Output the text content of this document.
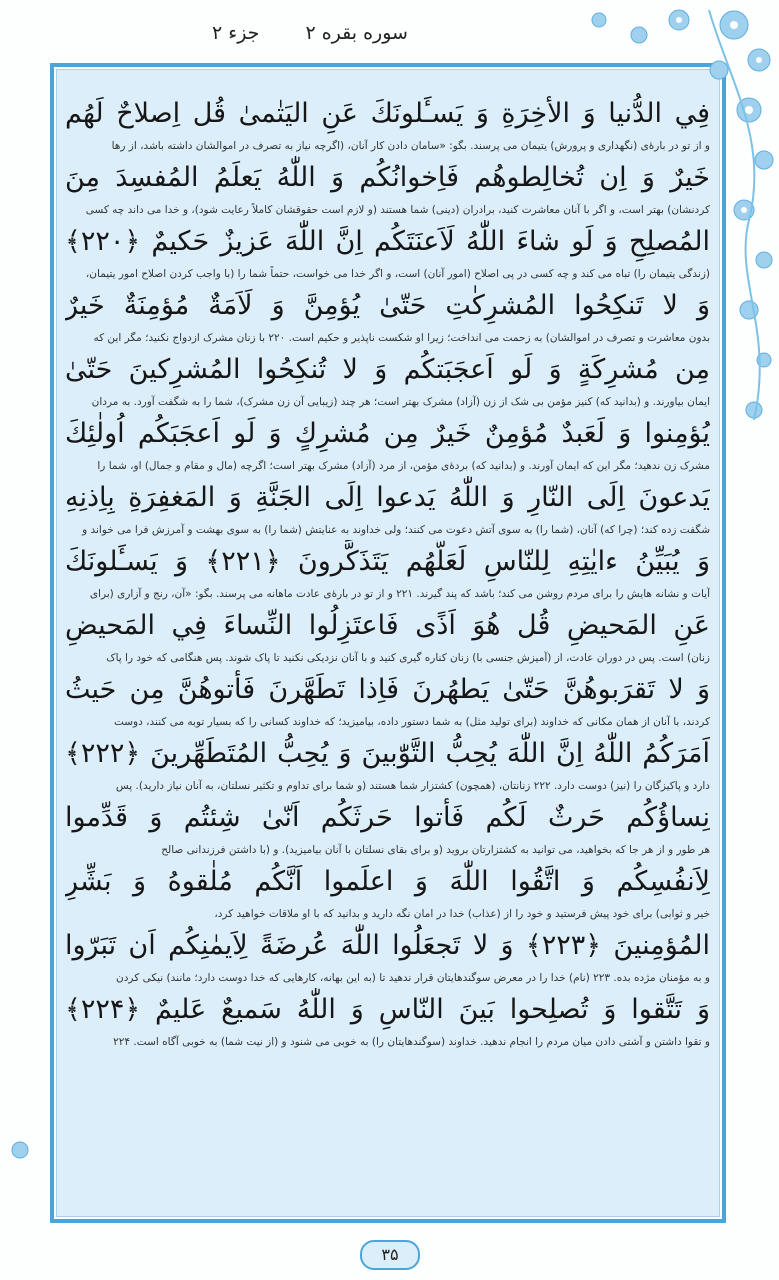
سوره بقره ۲ جزء ۲
فِي الدُّنيا وَ الأخِرَةِ وَ يَسـَٔلونَكَ عَنِ اليَتٰمىٰ قُل اِصلاحٌ لَهُم
و از تو در بارۀی (نگهداری و پرورش) یتیمان می پرسند. بگو: «سامان دادن کار آنان، (اگرچه نیاز به تصرف در اموالشان داشته باشد، از رها
خَيرٌ وَ اِن تُخالِطوهُم فَاِخوانُكُم وَ اللّٰهُ يَعلَمُ المُفسِدَ مِنَ
کردنشان) بهتر است، و اگر با آنان معاشرت کنید، برادران (دینی) شما هستند (و لازم است حقوقشان کاملاً رعایت شود)، و خدا می داند چه کسی
المُصلِحِ وَ لَو شاءَ اللّٰهُ لَاَعنَتَكُم اِنَّ اللّٰهَ عَزيزٌ حَكيمٌ ﴿۲۲۰﴾
(زندگی یتیمان را) تباه می کند و چه کسی در پی اصلاح (امور آنان) است، و اگر خدا می خواست، حتماً شما را (با واجب کردن اصلاح امور یتیمان،
وَ لا تَنكِحُوا المُشرِكٰتِ حَتّىٰ يُؤمِنَّ وَ لَاَمَةٌ مُؤمِنَةٌ خَيرٌ
بدون معاشرت و تصرف در اموالشان) به زحمت می انداخت؛ زیرا او شکست ناپذیر و حکیم است. ۲۲۰ با زنان مشرک ازدواج نکنید؛ مگر این که
مِن مُشرِكَةٍ وَ لَو اَعجَبَتكُم وَ لا تُنكِحُوا المُشرِكينَ حَتّىٰ
ایمان بیاورند. و (بدانید که) کنیز مؤمن بی شک از زن (آزاد) مشرک بهتر است؛ هر چند (زیبایی آن زن مشرک)، شما را به شگفت آورد. به مردان
يُؤمِنوا وَ لَعَبدٌ مُؤمِنٌ خَيرٌ مِن مُشرِكٍ وَ لَو اَعجَبَكُم اُولٰئِكَ
مشرک زن ندهید؛ مگر این که ایمان آورند. و (بدانید که) بردۀی مؤمن، از مرد (آزاد) مشرک بهتر است؛ اگرچه (مال و مقام و جمال) او، شما را
يَدعونَ اِلَى النّارِ وَ اللّٰهُ يَدعوا اِلَى الجَنَّةِ وَ المَغفِرَةِ بِاِذنِهِ
شگفت زده کند؛ (چرا که) آنان، (شما را) به سوی آتش دعوت می کنند؛ ولی خداوند به عنایتش (شما را) به سوی بهشت و آمرزش فرا می خواند و
وَ يُبَيِّنُ ءايٰتِهِ لِلنّاسِ لَعَلَّهُم يَتَذَكَّرونَ ﴿۲۲۱﴾ وَ يَسـَٔلونَكَ
آیات و نشانه هایش را برای مردم روشن می کند؛ باشد که پند گیرند. ۲۲۱ و از تو در بارۀی عادت ماهانه می پرسند. بگو: «آن، رنج و آزاری (برای
عَنِ المَحيضِ قُل هُوَ اَذًى فَاعتَزِلُوا النِّساءَ فِي المَحيضِ
زنان) است. پس در دوران عادت، از (آمیزش جنسی با) زنان کناره گیری کنید و با آنان نزدیکی نکنید تا پاک شوند. پس هنگامی که خود را پاک
وَ لا تَقرَبوهُنَّ حَتّىٰ يَطهُرنَ فَاِذا تَطَهَّرنَ فَأتوهُنَّ مِن حَيثُ
کردند، با آنان از همان مکانی که خداوند (برای تولید مثل) به شما دستور داده، بیامیزید؛ که خداوند کسانی را که بسیار توبه می کنند، دوست
اَمَرَكُمُ اللّٰهُ اِنَّ اللّٰهَ يُحِبُّ التَّوّٰبينَ وَ يُحِبُّ المُتَطَهِّرينَ ﴿۲۲۲﴾
دارد و پاکیزگان را (نیز) دوست دارد. ۲۲۲ زنانتان، (همچون) کشتزار شما هستند (و شما برای تداوم و تکثیر نسلتان، به آنان نیاز دارید). پس
نِساؤُكُم حَرثٌ لَكُم فَأتوا حَرثَكُم اَنّىٰ شِئتُم وَ قَدِّموا
هر طور و از هر جا که بخواهید، می توانید به کشتزارتان بروید (و برای بقای نسلتان با آنان بیامیزید). و (با داشتن فرزندانی صالح
لِاَنفُسِكُم وَ اتَّقُوا اللّٰهَ وَ اعلَموا اَنَّكُم مُلٰقوهُ وَ بَشِّرِ
خیر و ثوابی) برای خود پیش فرستید و خود را از (عذاب) خدا در امان نگه دارید و بدانید که با او ملاقات خواهید کرد،
المُؤمِنينَ ﴿۲۲۳﴾ وَ لا تَجعَلُوا اللّٰهَ عُرضَةً لِاَيمٰنِكُم اَن تَبَرّوا
و به مؤمنان مژده بده. ۲۲۳ (نام) خدا را در معرض سوگندهایتان قرار ندهید تا (به این بهانه، کارهایی که خدا دوست دارد؛ مانند) نیکی کردن
وَ تَتَّقوا وَ تُصلِحوا بَينَ النّاسِ وَ اللّٰهُ سَميعٌ عَليمٌ ﴿۲۲۴﴾
و تقوا داشتن و آشتی دادن میان مردم را انجام ندهید. خداوند (سوگندهایتان را) به خوبی می شنود و (از نیت شما) به خوبی آگاه است. ۲۲۴
۳۵
